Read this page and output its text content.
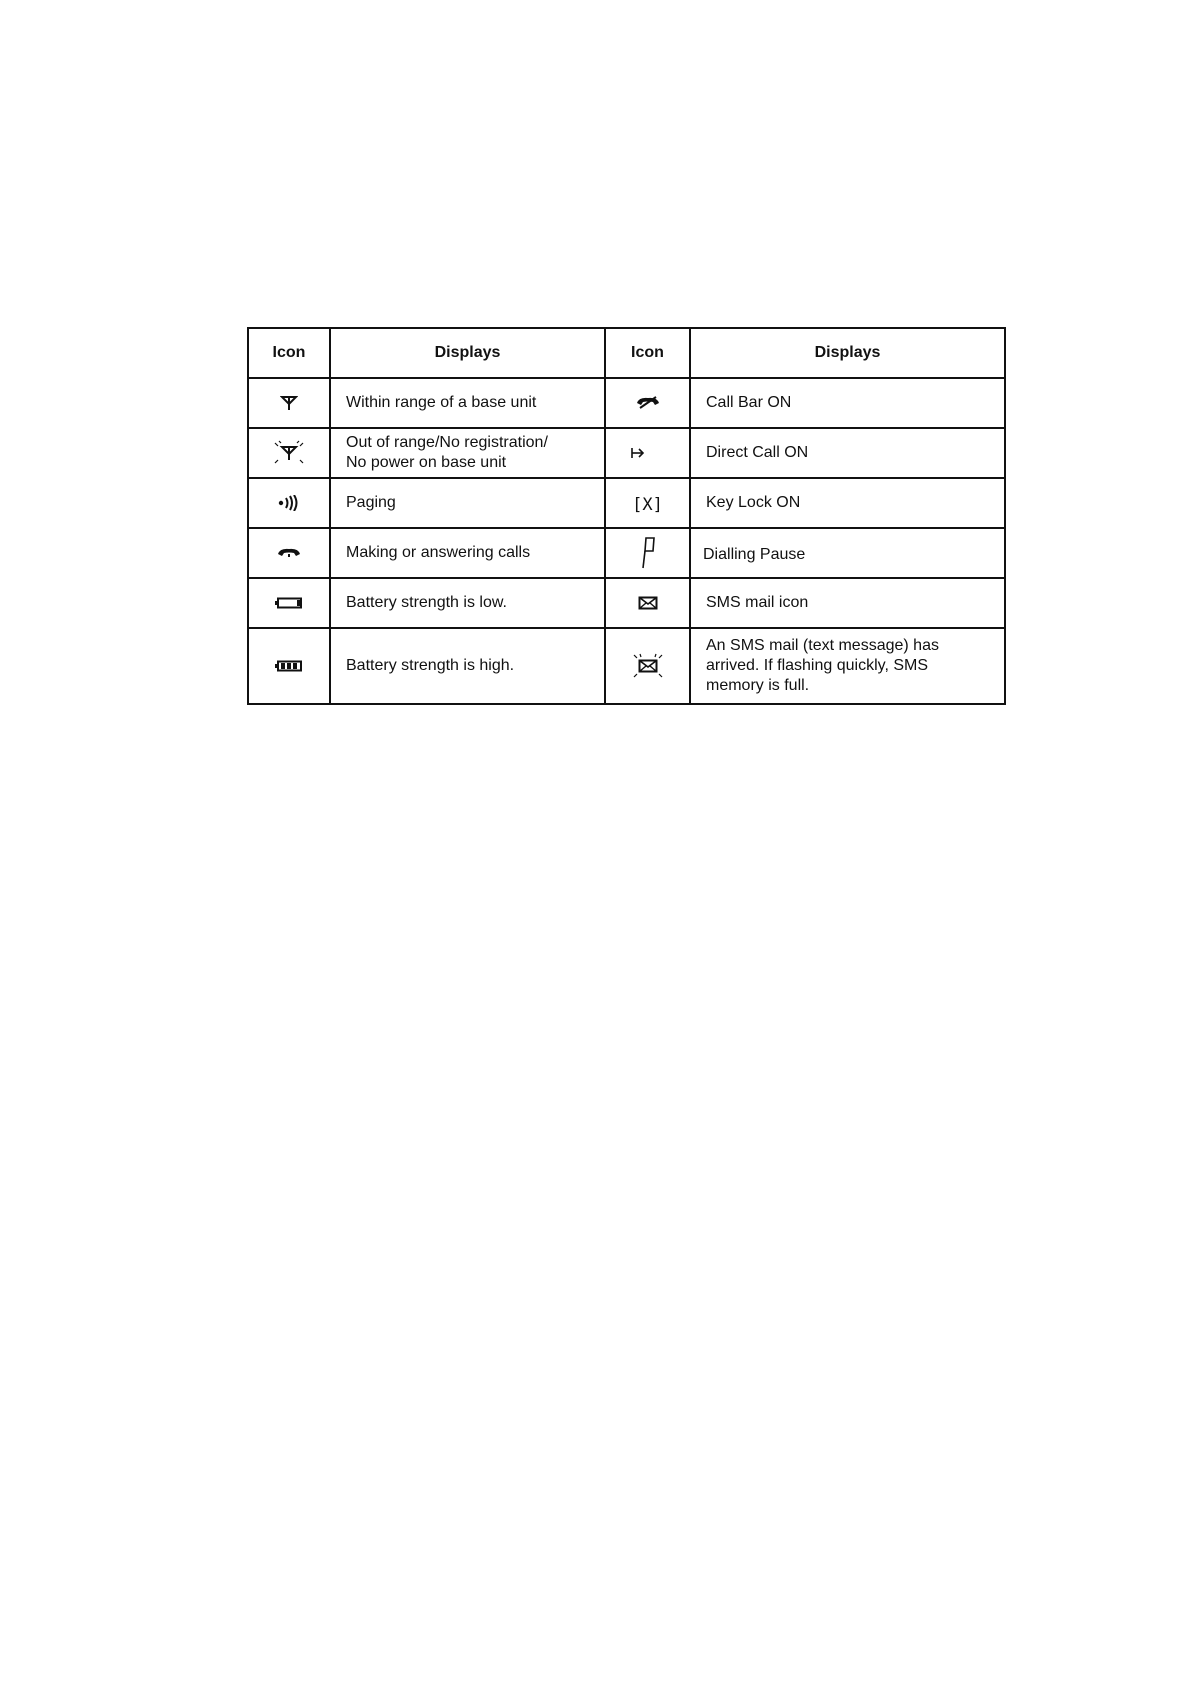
Icon	Displays	Icon	Displays

Within range of a base unit		Call Bar ON

Out of range/No registration/
No power on base unit		Direct Call ON

Paging	[X]	Key Lock ON

Making or answering calls		Dialling Pause

Battery strength is low.		SMS mail icon

Battery strength is high.		An SMS mail (text message) has
arrived. If flashing quickly, SMS
memory is full.
